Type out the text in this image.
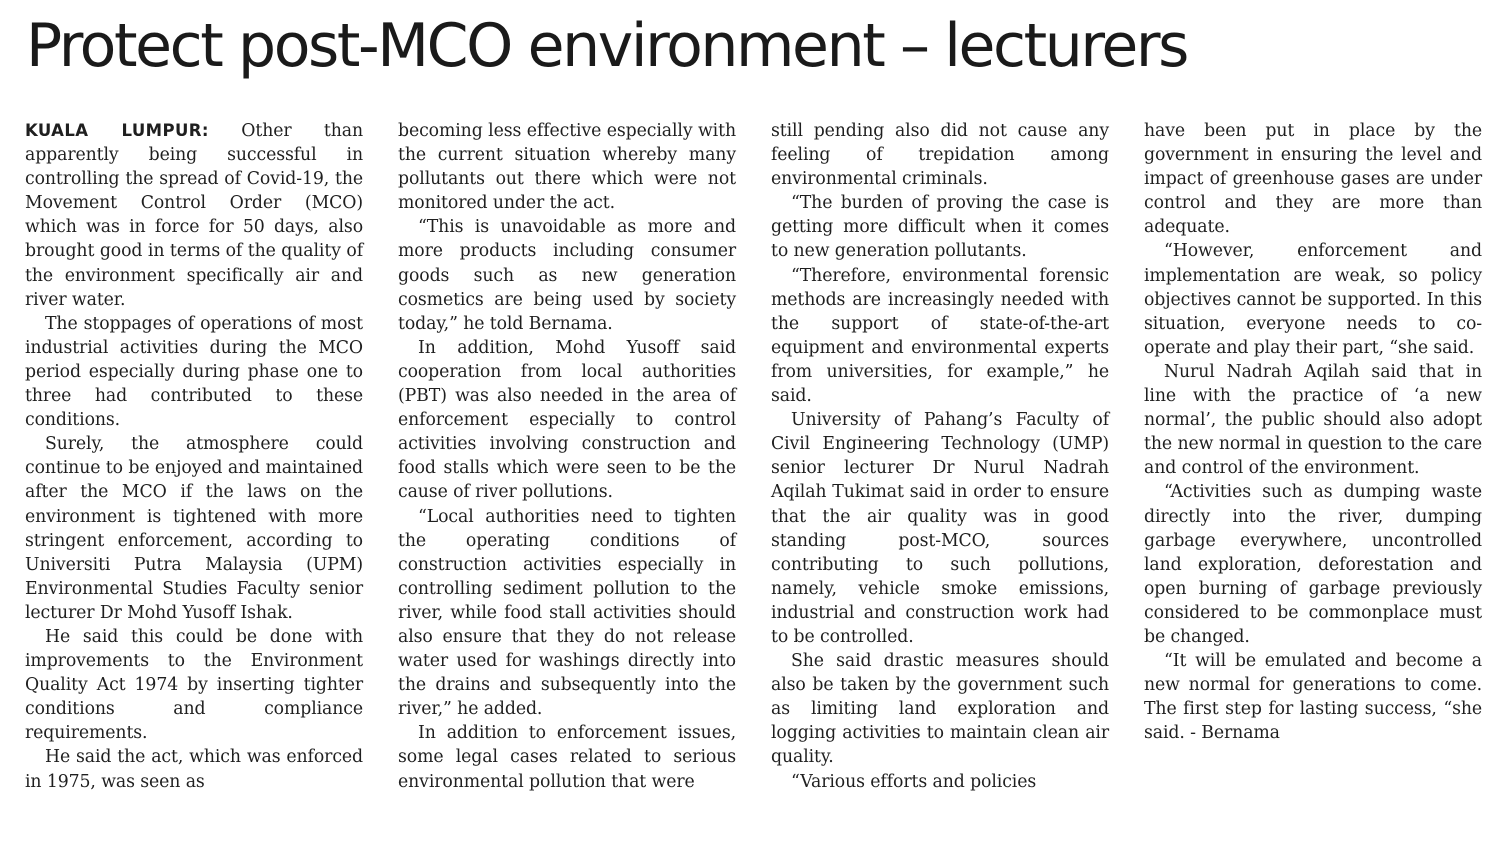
Protect post-MCO environment – lecturers

KUALA LUMPUR: Other than apparently being successful in controlling the spread of Covid-19, the Movement Control Order (MCO) which was in force for 50 days, also brought good in terms of the quality of the environment specifically air and river water.

The stoppages of operations of most industrial activities during the MCO period especially during phase one to three had contributed to these conditions.

Surely, the atmosphere could continue to be enjoyed and maintained after the MCO if the laws on the environment is tightened with more stringent enforcement, according to Universiti Putra Malaysia (UPM) Environmental Studies Faculty senior lecturer Dr Mohd Yusoff Ishak.

He said this could be done with improvements to the Environment Quality Act 1974 by inserting tighter conditions and compliance requirements.

He said the act, which was enforced in 1975, was seen as

becoming less effective especially with the current situation whereby many pollutants out there which were not monitored under the act.

“This is unavoidable as more and more products including consumer goods such as new generation cosmetics are being used by society today,” he told Bernama.

In addition, Mohd Yusoff said cooperation from local authorities (PBT) was also needed in the area of enforcement especially to control activities involving construction and food stalls which were seen to be the cause of river pollutions.

“Local authorities need to tighten the operating conditions of construction activities especially in controlling sediment pollution to the river, while food stall activities should also ensure that they do not release water used for washings directly into the drains and subsequently into the river,” he added.

In addition to enforcement issues, some legal cases related to serious environmental pollution that were

still pending also did not cause any feeling of trepidation among environmental criminals.

“The burden of proving the case is getting more difficult when it comes to new generation pollutants.

“Therefore, environmental forensic methods are increasingly needed with the support of state-of-the-art equipment and environmental experts from universities, for example,” he said.

University of Pahang’s Faculty of Civil Engineering Technology (UMP) senior lecturer Dr Nurul Nadrah Aqilah Tukimat said in order to ensure that the air quality was in good standing post-MCO, sources contributing to such pollutions, namely, vehicle smoke emissions, industrial and construction work had to be controlled.

She said drastic measures should also be taken by the government such as limiting land exploration and logging activities to maintain clean air quality.

“Various efforts and policies

have been put in place by the government in ensuring the level and impact of greenhouse gases are under control and they are more than adequate.

“However, enforcement and implementation are weak, so policy objectives cannot be supported. In this situation, everyone needs to co-operate and play their part, “she said.

Nurul Nadrah Aqilah said that in line with the practice of ‘a new normal’, the public should also adopt the new normal in question to the care and control of the environment.

“Activities such as dumping waste directly into the river, dumping garbage everywhere, uncontrolled land exploration, deforestation and open burning of garbage previously considered to be commonplace must be changed.

“It will be emulated and become a new normal for generations to come. The first step for lasting success, “she said. - Bernama
